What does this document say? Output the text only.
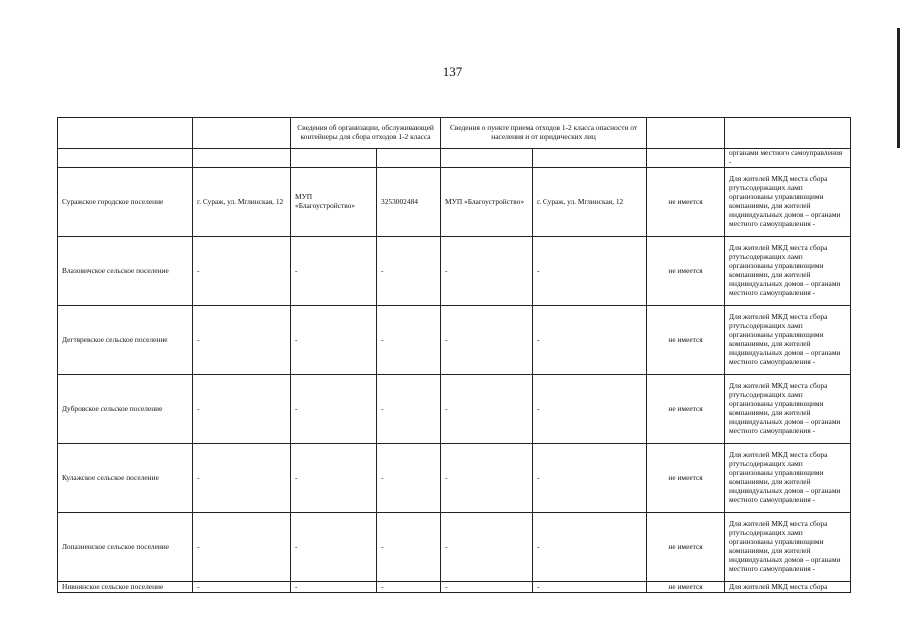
137
		Сведения об организации, обслуживающей контейнеры для сбора отходов 1-2 класса		Сведения о пункте приема отходов 1-2 класса опасности от населения и от юридических лиц			
							органами местного самоуправления -
Суражское городское поселение	г. Сураж, ул. Мглинская, 12	МУП «Благоустройство»	3253002484	МУП «Благоустройство»	г. Сураж, ул. Мглинская, 12	не имеется	Для жителей МКД места сбора ртутьсодержащих ламп организованы управляющими компаниями, для жителей индивидуальных домов – органами местного самоуправления -
Влазовичское сельское поселение	-	-	-	-	-	не имеется	Для жителей МКД места сбора ртутьсодержащих ламп организованы управляющими компаниями, для жителей индивидуальных домов – органами местного самоуправления -
Дегтяревское сельское поселение	-	-	-	-	-	не имеется	Для жителей МКД места сбора ртутьсодержащих ламп организованы управляющими компаниями, для жителей индивидуальных домов – органами местного самоуправления -
Дубровское сельское поселение	-	-	-	-	-	не имеется	Для жителей МКД места сбора ртутьсодержащих ламп организованы управляющими компаниями, для жителей индивидуальных домов – органами местного самоуправления -
Кулажское сельское поселение	-	-	-	-	-	не имеется	Для жителей МКД места сбора ртутьсодержащих ламп организованы управляющими компаниями, для жителей индивидуальных домов – органами местного самоуправления -
Лопазненское сельское поселение	-	-	-	-	-	не имеется	Для жителей МКД места сбора ртутьсодержащих ламп организованы управляющими компаниями, для жителей индивидуальных домов – органами местного самоуправления -
Нивнянское сельское поселение	-	-	-	-	-	не имеется	Для жителей МКД места сбора
